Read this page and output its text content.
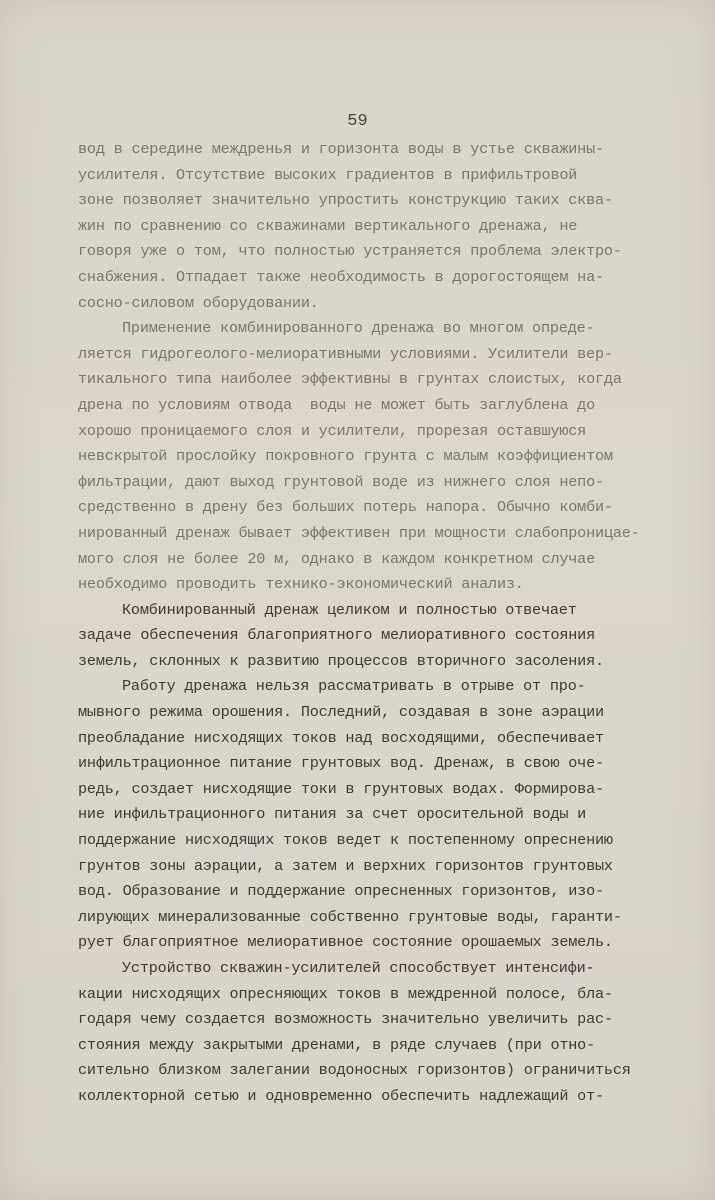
59
вод в середине междренья и горизонта воды в устье скважины-
усилителя. Отсутствие высоких градиентов в прифильтровой
зоне позволяет значительно упростить конструкцию таких сква-
жин по сравнению со скважинами вертикального дренажа, не
говоря уже о том, что полностью устраняется проблема электро-
снабжения. Отпадает также необходимость в дорогостоящем на-
сосно-силовом оборудовании.
Применение комбинированного дренажа во многом опреде-
ляется гидрогеолого-мелиоративными условиями. Усилители вер-
тикального типа наиболее эффективны в грунтах слоистых, когда
дрена по условиям отвода  воды не может быть заглублена до
хорошо проницаемого слоя и усилители, прорезая оставшуюся
невскрытой прослойку покровного грунта с малым коэффициентом
фильтрации, дают выход грунтовой воде из нижнего слоя непо-
средственно в дрену без больших потерь напора. Обычно комби-
нированный дренаж бывает эффективен при мощности слабопроницае-
мого слоя не более 20 м, однако в каждом конкретном случае
необходимо проводить технико-экономический анализ.
Комбинированный дренаж целиком и полностью отвечает
задаче обеспечения благоприятного мелиоративного состояния
земель, склонных к развитию процессов вторичного засоления.
Работу дренажа нельзя рассматривать в отрыве от про-
мывного режима орошения. Последний, создавая в зоне аэрации
преобладание нисходящих токов над восходящими, обеспечивает
инфильтрационное питание грунтовых вод. Дренаж, в свою оче-
редь, создает нисходящие токи в грунтовых водах. Формирова-
ние инфильтрационного питания за счет оросительной воды и
поддержание нисходящих токов ведет к постепенному опреснению
грунтов зоны аэрации, а затем и верхних горизонтов грунтовых
вод. Образование и поддержание опресненных горизонтов, изо-
лирующих минерализованные собственно грунтовые воды, гаранти-
рует благоприятное мелиоративное состояние орошаемых земель.
Устройство скважин-усилителей способствует интенсифи-
кации нисходящих опресняющих токов в междренной полосе, бла-
годаря чему создается возможность значительно увеличить рас-
стояния между закрытыми дренами, в ряде случаев (при отно-
сительно близком залегании водоносных горизонтов) ограничиться
коллекторной сетью и одновременно обеспечить надлежащий от-
